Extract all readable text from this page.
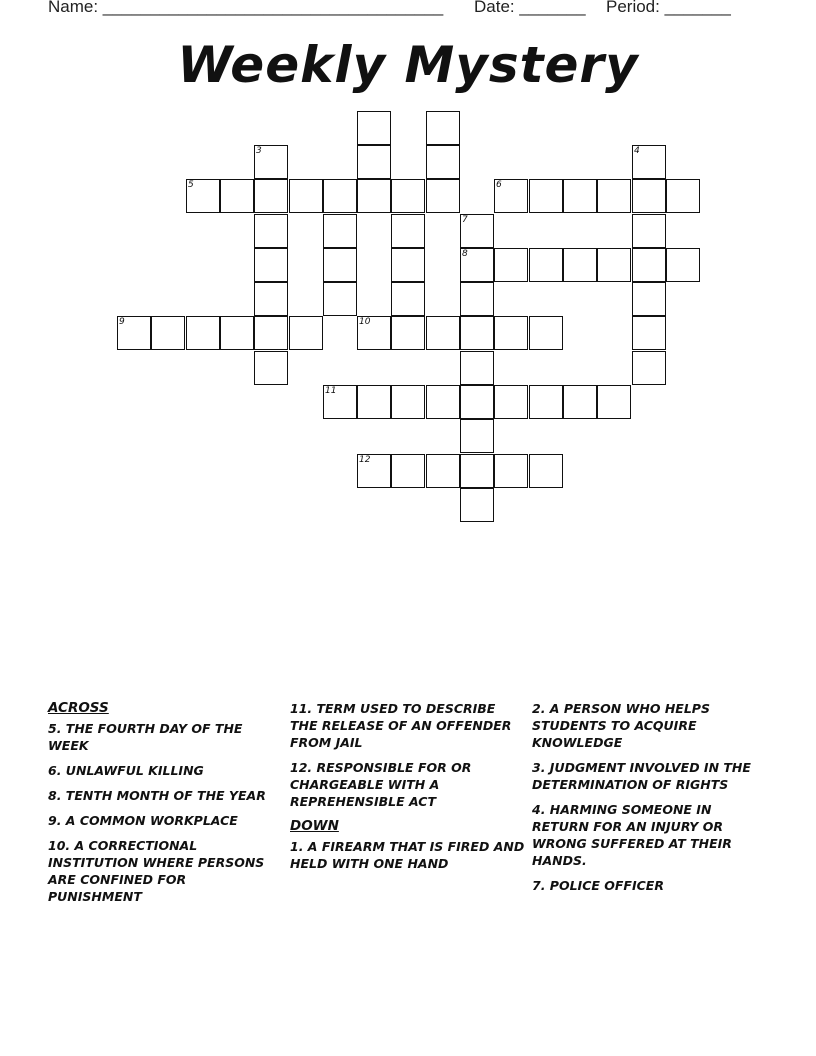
Name: ____________________________________ Date: _______ Period: _______
Weekly Mystery
3	4
5	6
7
8
9	10
11
12
ACROSS
5. THE FOURTH DAY OF THE WEEK
6. UNLAWFUL KILLING
8. TENTH MONTH OF THE YEAR
9. A COMMON WORKPLACE
10. A CORRECTIONAL INSTITUTION WHERE PERSONS ARE CONFINED FOR PUNISHMENT
11. TERM USED TO DESCRIBE THE RELEASE OF AN OFFENDER FROM JAIL
12. RESPONSIBLE FOR OR CHARGEABLE WITH A REPREHENSIBLE ACT
DOWN
1. A FIREARM THAT IS FIRED AND HELD WITH ONE HAND
2. A PERSON WHO HELPS STUDENTS TO ACQUIRE KNOWLEDGE
3. JUDGMENT INVOLVED IN THE DETERMINATION OF RIGHTS
4. HARMING SOMEONE IN RETURN FOR AN INJURY OR WRONG SUFFERED AT THEIR HANDS.
7. POLICE OFFICER
